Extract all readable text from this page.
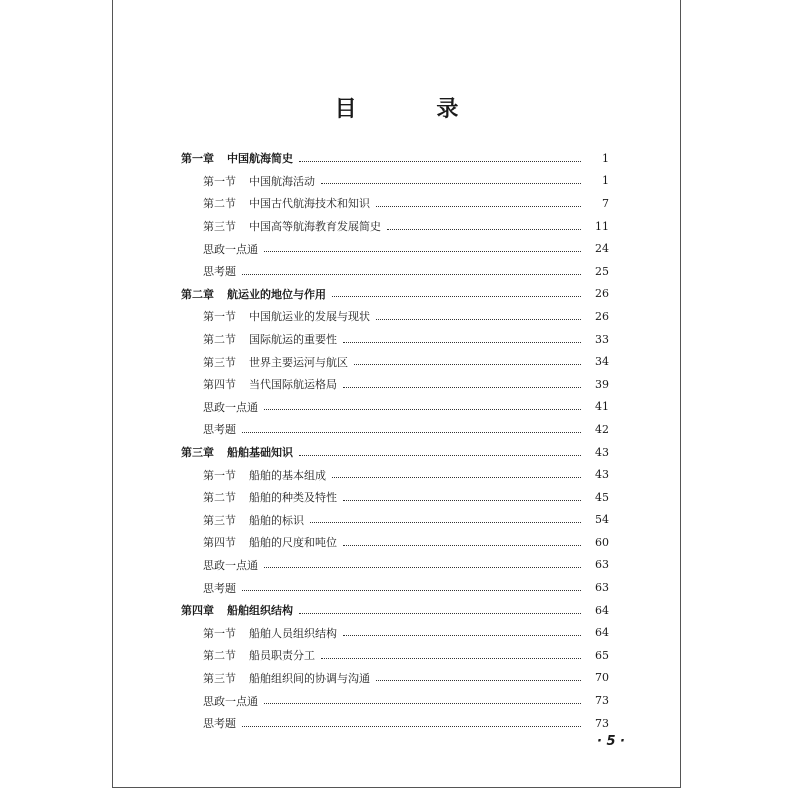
目 录
第一章	中国航海简史	1
第一节	中国航海活动	1
第二节	中国古代航海技术和知识	7
第三节	中国高等航海教育发展简史	11
思政一点通	24
思考题	25
第二章	航运业的地位与作用	26
第一节	中国航运业的发展与现状	26
第二节	国际航运的重要性	33
第三节	世界主要运河与航区	34
第四节	当代国际航运格局	39
思政一点通	41
思考题	42
第三章	船舶基础知识	43
第一节	船舶的基本组成	43
第二节	船舶的种类及特性	45
第三节	船舶的标识	54
第四节	船舶的尺度和吨位	60
思政一点通	63
思考题	63
第四章	船舶组织结构	64
第一节	船舶人员组织结构	64
第二节	船员职责分工	65
第三节	船舶组织间的协调与沟通	70
思政一点通	73
思考题	73
· 5 ·
